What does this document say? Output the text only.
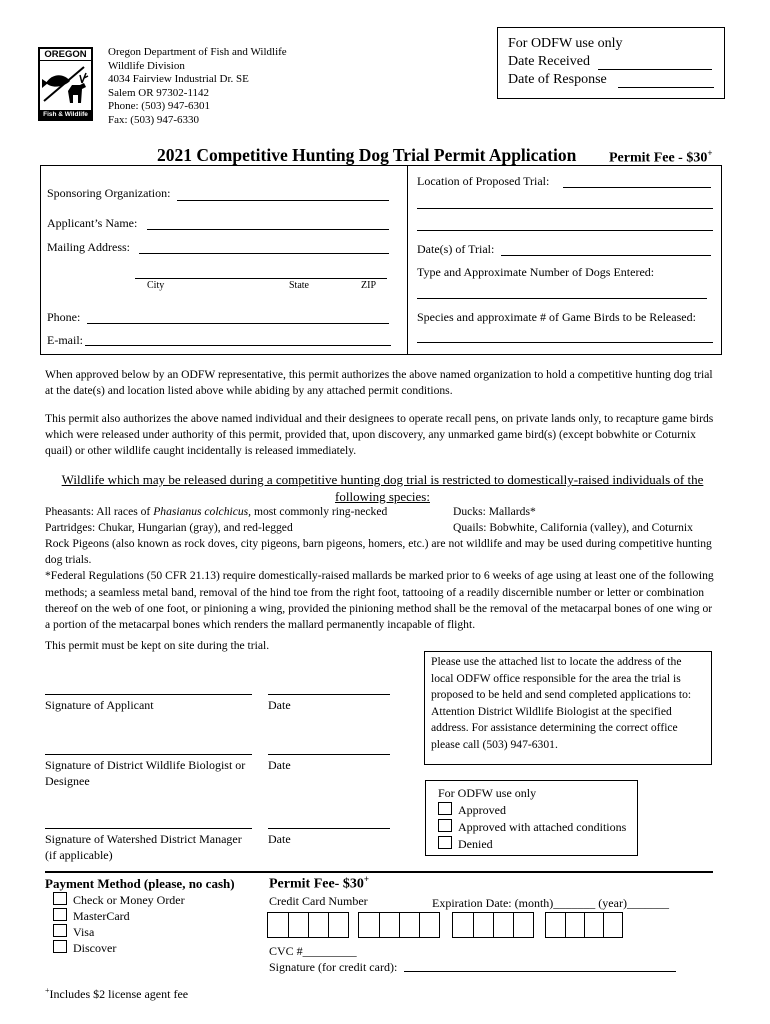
OREGON
Fish & Wildlife
Oregon Department of Fish and Wildlife
Wildlife Division
4034 Fairview Industrial Dr. SE
Salem OR 97302-1142
Phone: (503) 947-6301
Fax: (503) 947-6330
For ODFW use only
Date Received
Date of Response
2021 Competitive Hunting Dog Trial Permit Application Permit Fee - $30+
Sponsoring Organization:
Applicant’s Name:
Mailing Address:
City	State	ZIP
Phone:
E-mail:
Location of Proposed Trial:
Date(s) of Trial:
Type and Approximate Number of Dogs Entered:
Species and approximate # of Game Birds to be Released:
When approved below by an ODFW representative, this permit authorizes the above named organization to hold a competitive hunting dog trial at the date(s) and location listed above while abiding by any attached permit conditions.
This permit also authorizes the above named individual and their designees to operate recall pens, on private lands only, to recapture game birds which were released under authority of this permit, provided that, upon discovery, any unmarked game bird(s) (except bobwhite or Coturnix quail) or other wildlife caught incidentally is released immediately.
Wildlife which may be released during a competitive hunting dog trial is restricted to domestically-raised individuals of the following species:
Pheasants: All races of Phasianus colchicus, most commonly ring-necked	Ducks: Mallards*
Partridges: Chukar, Hungarian (gray), and red-legged	Quails: Bobwhite, California (valley), and Coturnix
Rock Pigeons (also known as rock doves, city pigeons, barn pigeons, homers, etc.) are not wildlife and may be used during competitive hunting dog trials.
*Federal Regulations (50 CFR 21.13) require domestically-raised mallards be marked prior to 6 weeks of age using at least one of the following methods; a seamless metal band, removal of the hind toe from the right foot, tattooing of a readily discernible number or letter or combination thereof on the web of one foot, or pinioning a wing, provided the pinioning method shall be the removal of the metacarpal bones of one wing or a portion of the metacarpal bones which renders the mallard permanently incapable of flight.
This permit must be kept on site during the trial.
Please use the attached list to locate the address of the local ODFW office responsible for the area the trial is proposed to be held and send completed applications to: Attention District Wildlife Biologist at the specified address. For assistance determining the correct office please call (503) 947-6301.
Signature of Applicant	Date
Signature of District Wildlife Biologist or Designee
Date
Signature of Watershed District Manager (if applicable)
Date
For ODFW use only
Approved
Approved with attached conditions
Denied
Payment Method (please, no cash)
Check or Money Order
MasterCard
Visa
Discover
Permit Fee- $30+
Credit Card Number	Expiration Date: (month)_______ (year)_______
CVC #_________
Signature (for credit card):
+Includes $2 license agent fee
